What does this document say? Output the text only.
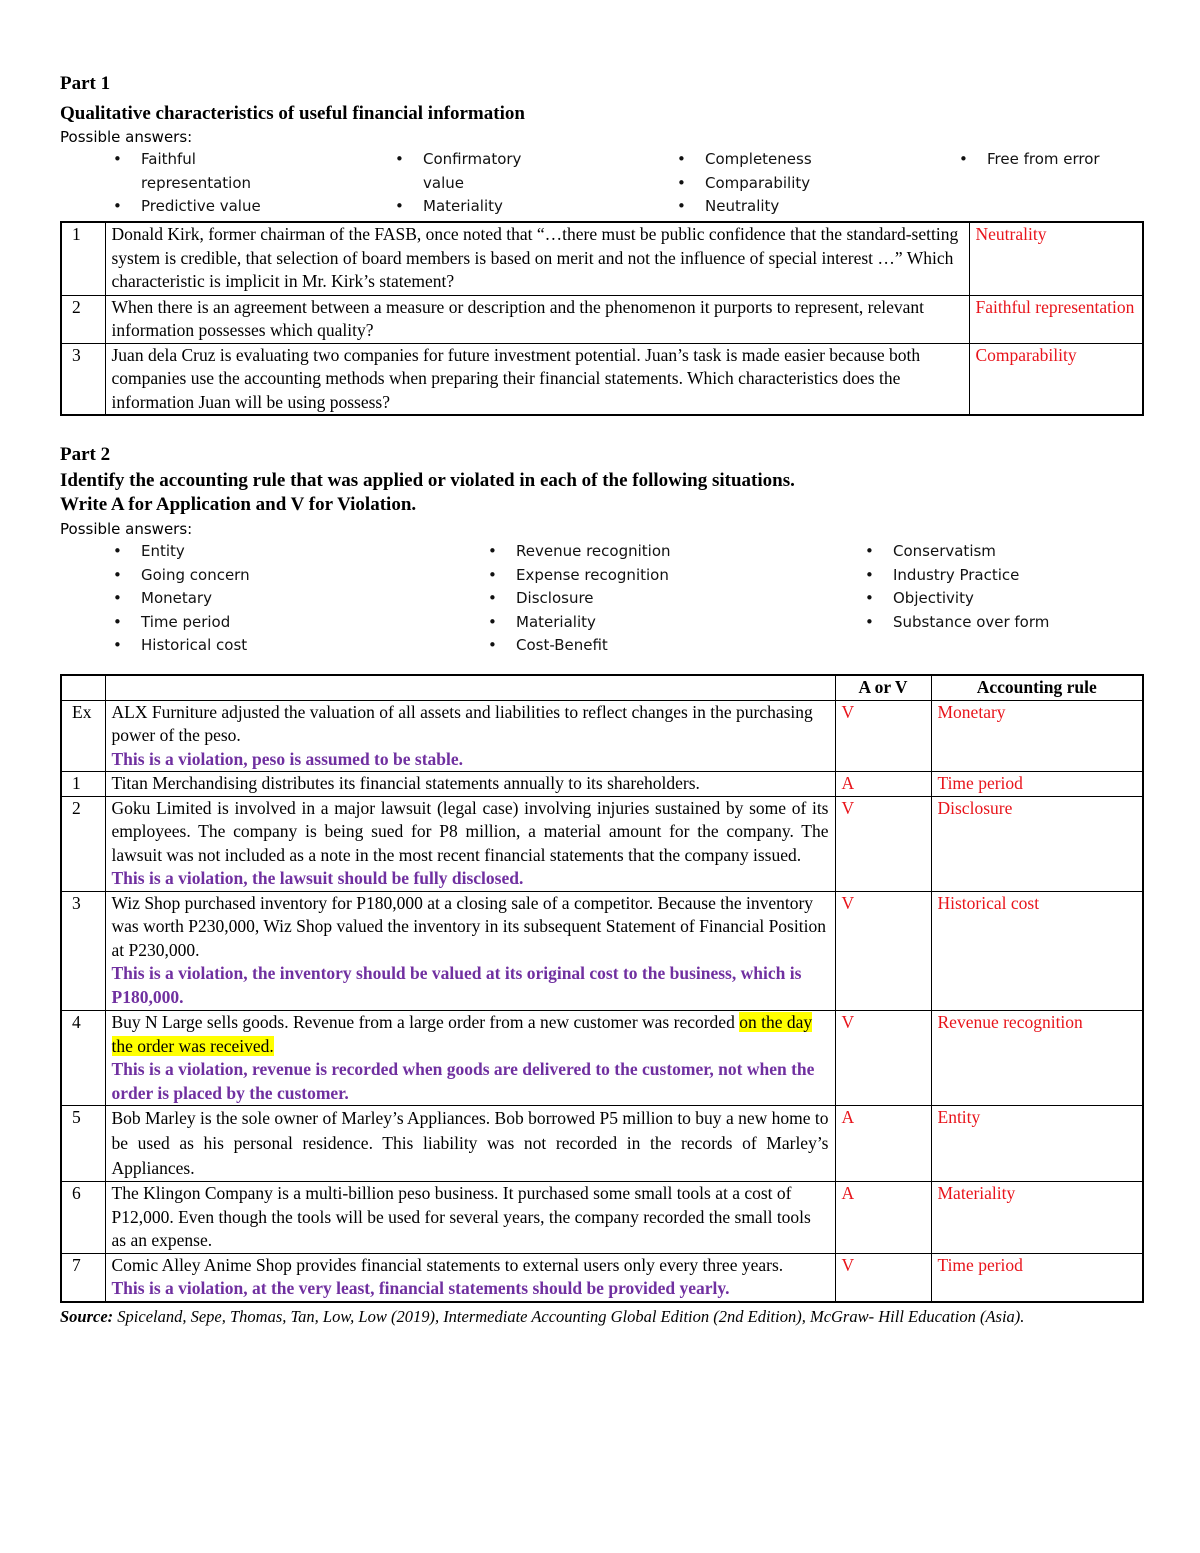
Part 1
Qualitative characteristics of useful financial information
Possible answers:
• Faithful representation
• Predictive value
• Confirmatory value
• Materiality
• Completeness
• Comparability
• Neutrality
• Free from error
1	Donald Kirk, former chairman of the FASB, once noted that “…there must be public confidence that the standard-setting system is credible, that selection of board members is based on merit and not the influence of special interest …” Which characteristic is implicit in Mr. Kirk’s statement?	Neutrality
2	When there is an agreement between a measure or description and the phenomenon it purports to represent, relevant information possesses which quality?	Faithful representation
3	Juan dela Cruz is evaluating two companies for future investment potential. Juan’s task is made easier because both companies use the accounting methods when preparing their financial statements. Which characteristics does the information Juan will be using possess?	Comparability
Part 2
Identify the accounting rule that was applied or violated in each of the following situations.
Write A for Application and V for Violation.
Possible answers:
• Entity
• Going concern
• Monetary
• Time period
• Historical cost
• Revenue recognition
• Expense recognition
• Disclosure
• Materiality
• Cost-Benefit
• Conservatism
• Industry Practice
• Objectivity
• Substance over form
		A or V	Accounting rule
Ex	ALX Furniture adjusted the valuation of all assets and liabilities to reflect changes in the purchasing power of the peso.
This is a violation, peso is assumed to be stable.	V	Monetary
1	Titan Merchandising distributes its financial statements annually to its shareholders.	A	Time period
2	Goku Limited is involved in a major lawsuit (legal case) involving injuries sustained by some of its employees. The company is being sued for P8 million, a material amount for the company. The lawsuit was not included as a note in the most recent financial statements that the company issued.
This is a violation, the lawsuit should be fully disclosed.	V	Disclosure
3	Wiz Shop purchased inventory for P180,000 at a closing sale of a competitor. Because the inventory was worth P230,000, Wiz Shop valued the inventory in its subsequent Statement of Financial Position at P230,000.
This is a violation, the inventory should be valued at its original cost to the business, which is P180,000.	V	Historical cost
4	Buy N Large sells goods. Revenue from a large order from a new customer was recorded on the day the order was received.
This is a violation, revenue is recorded when goods are delivered to the customer, not when the order is placed by the customer.	V	Revenue recognition
5	Bob Marley is the sole owner of Marley’s Appliances. Bob borrowed P5 million to buy a new home to be used as his personal residence. This liability was not recorded in the records of Marley’s Appliances.	A	Entity
6	The Klingon Company is a multi-billion peso business. It purchased some small tools at a cost of P12,000. Even though the tools will be used for several years, the company recorded the small tools as an expense.	A	Materiality
7	Comic Alley Anime Shop provides financial statements to external users only every three years.
This is a violation, at the very least, financial statements should be provided yearly.	V	Time period
Source: Spiceland, Sepe, Thomas, Tan, Low, Low (2019), Intermediate Accounting Global Edition (2nd Edition), McGraw- Hill Education (Asia).
